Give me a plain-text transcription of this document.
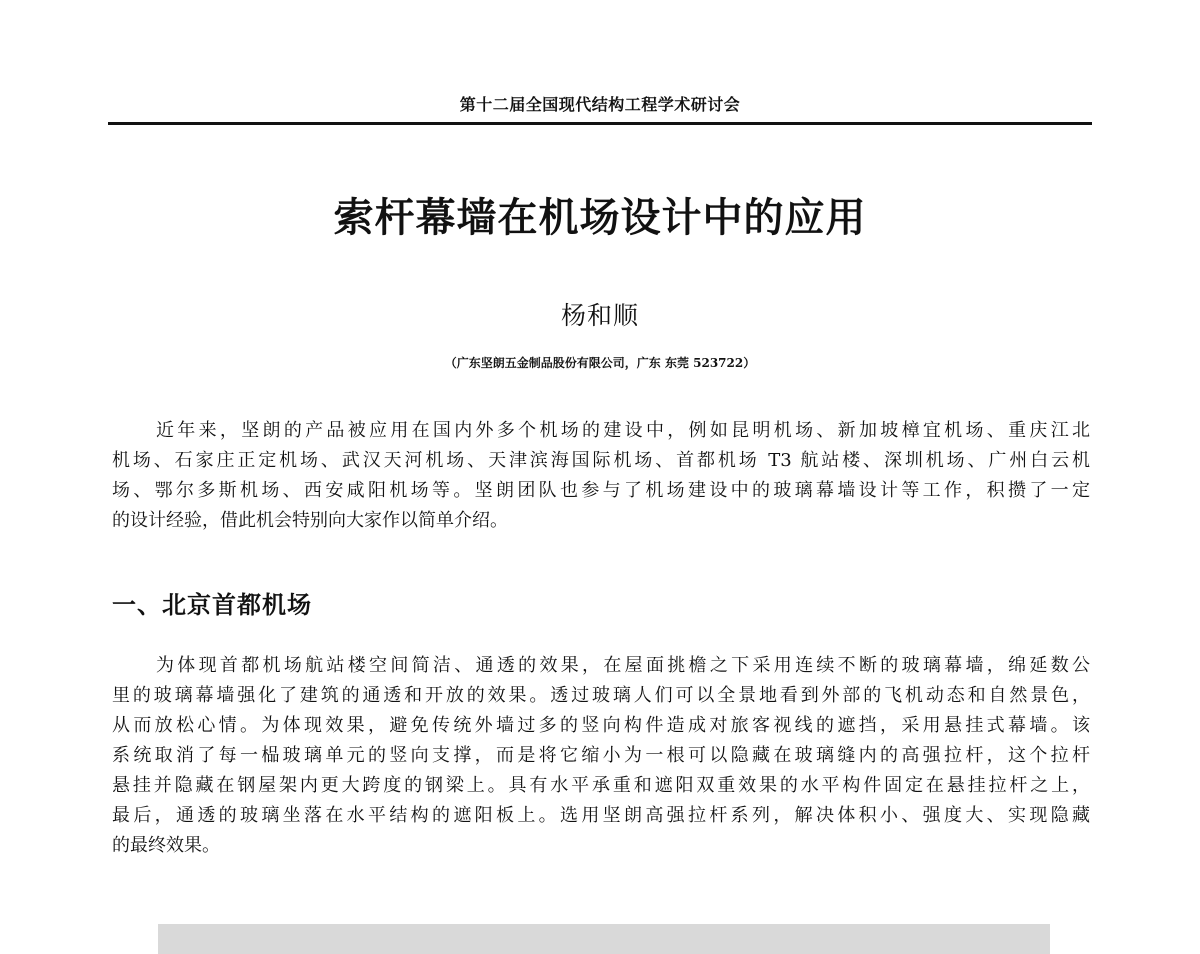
第十二届全国现代结构工程学术研讨会
索杆幕墙在机场设计中的应用
杨和顺
（广东坚朗五金制品股份有限公司，广东 东莞 523722）
近年来，坚朗的产品被应用在国内外多个机场的建设中，例如昆明机场、新加坡樟宜机场、重庆江北
机场、石家庄正定机场、武汉天河机场、天津滨海国际机场、首都机场 T3 航站楼、深圳机场、广州白云机
场、鄂尔多斯机场、西安咸阳机场等。坚朗团队也参与了机场建设中的玻璃幕墙设计等工作，积攒了一定
的设计经验，借此机会特别向大家作以简单介绍。
一、北京首都机场
为体现首都机场航站楼空间简洁、通透的效果，在屋面挑檐之下采用连续不断的玻璃幕墙，绵延数公
里的玻璃幕墙强化了建筑的通透和开放的效果。透过玻璃人们可以全景地看到外部的飞机动态和自然景色，
从而放松心情。为体现效果，避免传统外墙过多的竖向构件造成对旅客视线的遮挡，采用悬挂式幕墙。该
系统取消了每一榀玻璃单元的竖向支撑，而是将它缩小为一根可以隐藏在玻璃缝内的高强拉杆，这个拉杆
悬挂并隐藏在钢屋架内更大跨度的钢梁上。具有水平承重和遮阳双重效果的水平构件固定在悬挂拉杆之上，
最后，通透的玻璃坐落在水平结构的遮阳板上。选用坚朗高强拉杆系列，解决体积小、强度大、实现隐藏
的最终效果。
